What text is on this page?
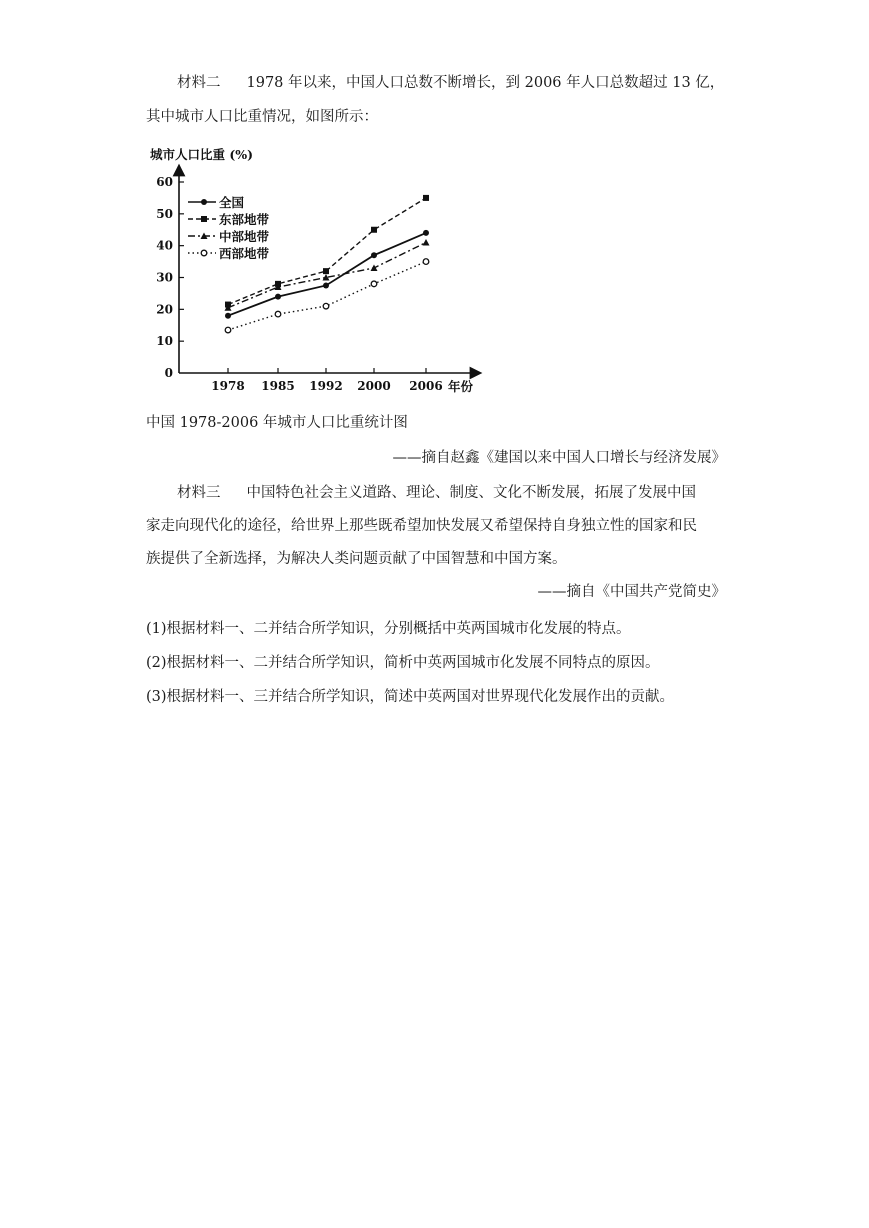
材料二 1978 年以来，中国人口总数不断增长，到 2006 年人口总数超过 13 亿，
其中城市人口比重情况，如图所示：
城市人口比重 (%)
0
10
20
30
40
50
60
1978 1985 1992 2000 2006
全国
东部地带
中部地带
西部地带
年份
中国 1978-2006 年城市人口比重统计图
——摘自赵鑫《建国以来中国人口增长与经济发展》
材料三 中国特色社会主义道路、理论、制度、文化不断发展，拓展了发展中国
家走向现代化的途径，给世界上那些既希望加快发展又希望保持自身独立性的国家和民
族提供了全新选择，为解决人类问题贡献了中国智慧和中国方案。
——摘自《中国共产党简史》
(1)根据材料一、二并结合所学知识，分别概括中英两国城市化发展的特点。
(2)根据材料一、二并结合所学知识，简析中英两国城市化发展不同特点的原因。
(3)根据材料一、三并结合所学知识，简述中英两国对世界现代化发展作出的贡献。
